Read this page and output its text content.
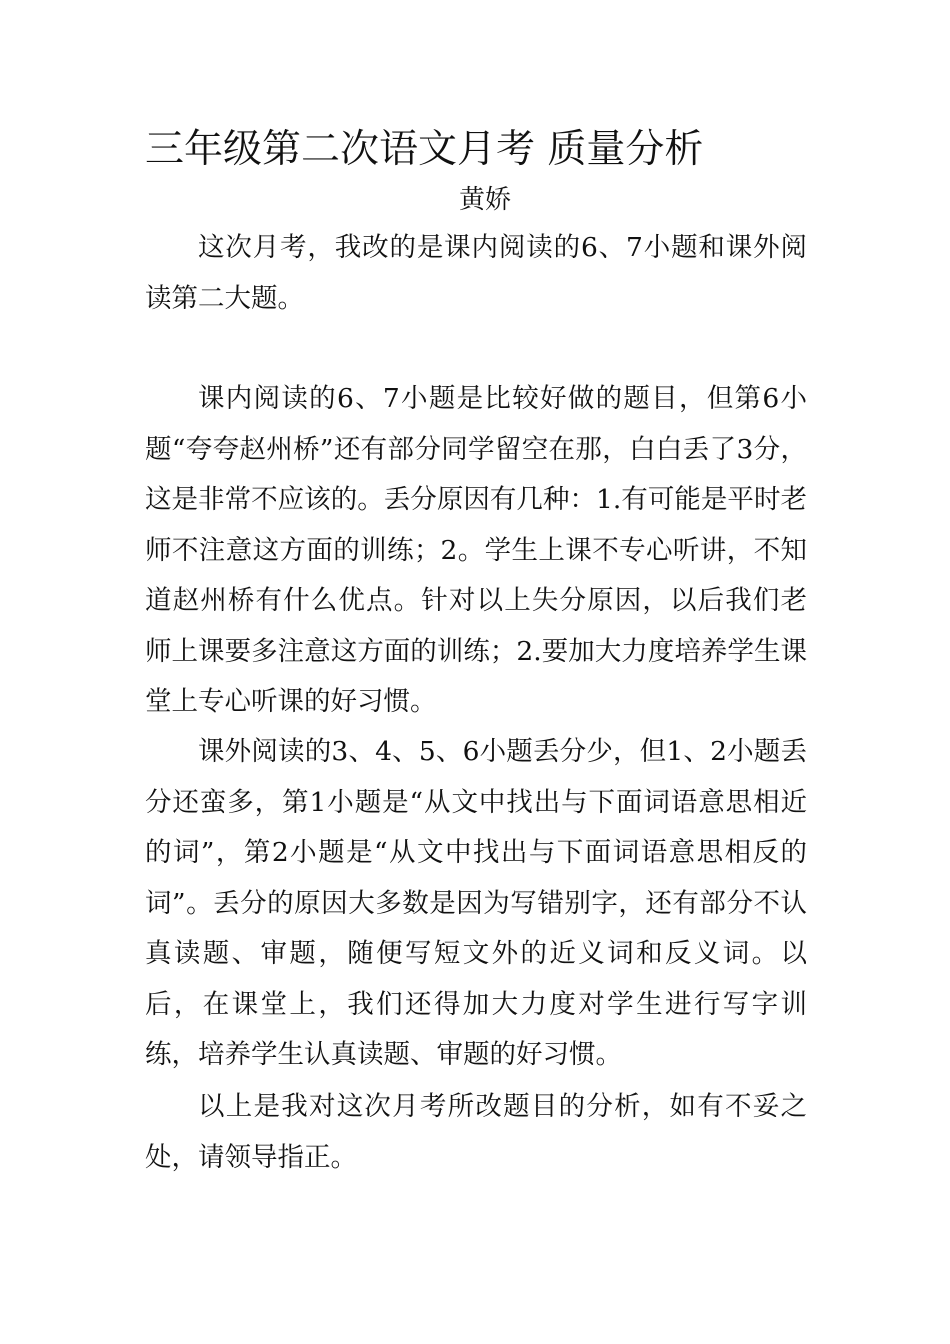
三年级第二次语文月考 质量分析

黄娇

这次月考，我改的是课内阅读的6、7小题和课外阅读第二大题。

课内阅读的6、7小题是比较好做的题目，但第6小题“夸夸赵州桥”还有部分同学留空在那，白白丢了3分，这是非常不应该的。丢分原因有几种：1.有可能是平时老师不注意这方面的训练；2。学生上课不专心听讲，不知道赵州桥有什么优点。针对以上失分原因，以后我们老师上课要多注意这方面的训练；2.要加大力度培养学生课堂上专心听课的好习惯。

课外阅读的3、4、5、6小题丢分少，但1、2小题丢分还蛮多，第1小题是“从文中找出与下面词语意思相近的词”，第2小题是“从文中找出与下面词语意思相反的词”。丢分的原因大多数是因为写错别字，还有部分不认真读题、审题，随便写短文外的近义词和反义词。以后，在课堂上，我们还得加大力度对学生进行写字训练，培养学生认真读题、审题的好习惯。

以上是我对这次月考所改题目的分析，如有不妥之处，请领导指正。
